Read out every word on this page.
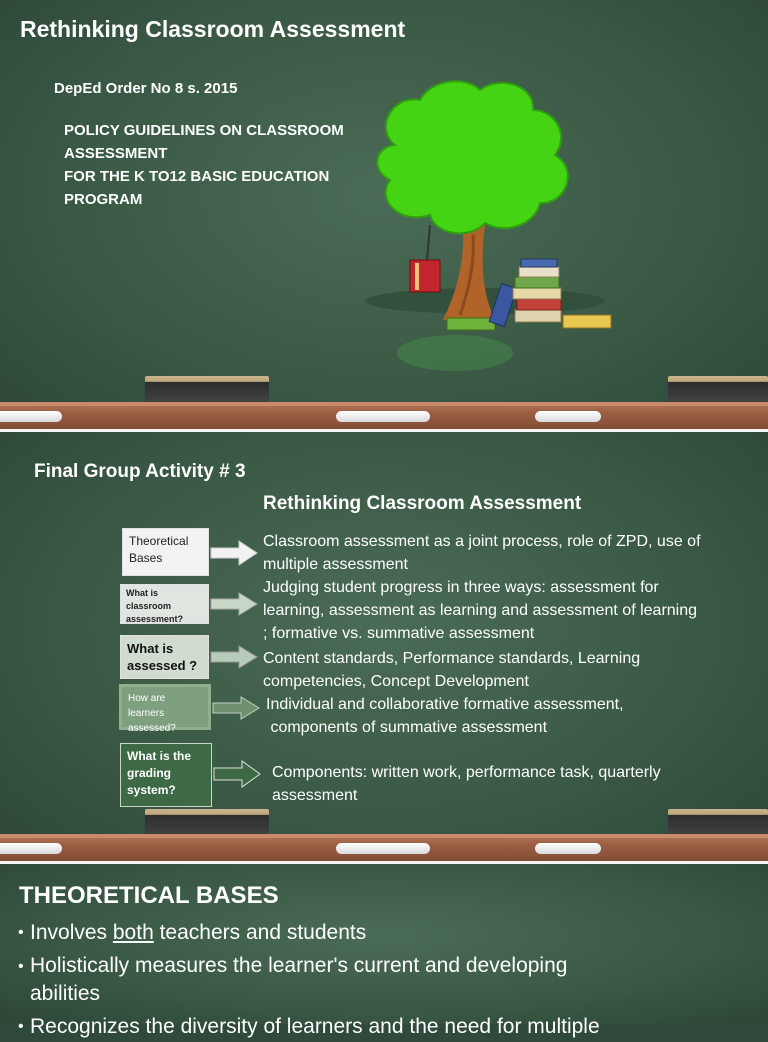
Rethinking Classroom Assessment
DepEd Order No 8 s. 2015
POLICY GUIDELINES ON CLASSROOM
ASSESSMENT
FOR THE K TO12 BASIC EDUCATION
PROGRAM
Final Group Activity # 3
Rethinking Classroom Assessment
Theoretical Bases
Classroom assessment as a joint process, role of ZPD, use of
multiple assessment
What is classroom assessment?
Judging student progress in three ways: assessment for
learning, assessment as learning and assessment of learning
; formative vs. summative assessment
What is assessed ?	Content standards, Performance standards, Learning
competencies, Concept Development
How are learners assessed?
Individual and collaborative formative assessment,
components of summative assessment
What is the grading system?
Components: written work, performance task, quarterly
assessment
THEORETICAL BASES
• Involves both teachers and students
• Holistically measures the learner's current and developing
abilities
• Recognizes the diversity of learners and the need for multiple
